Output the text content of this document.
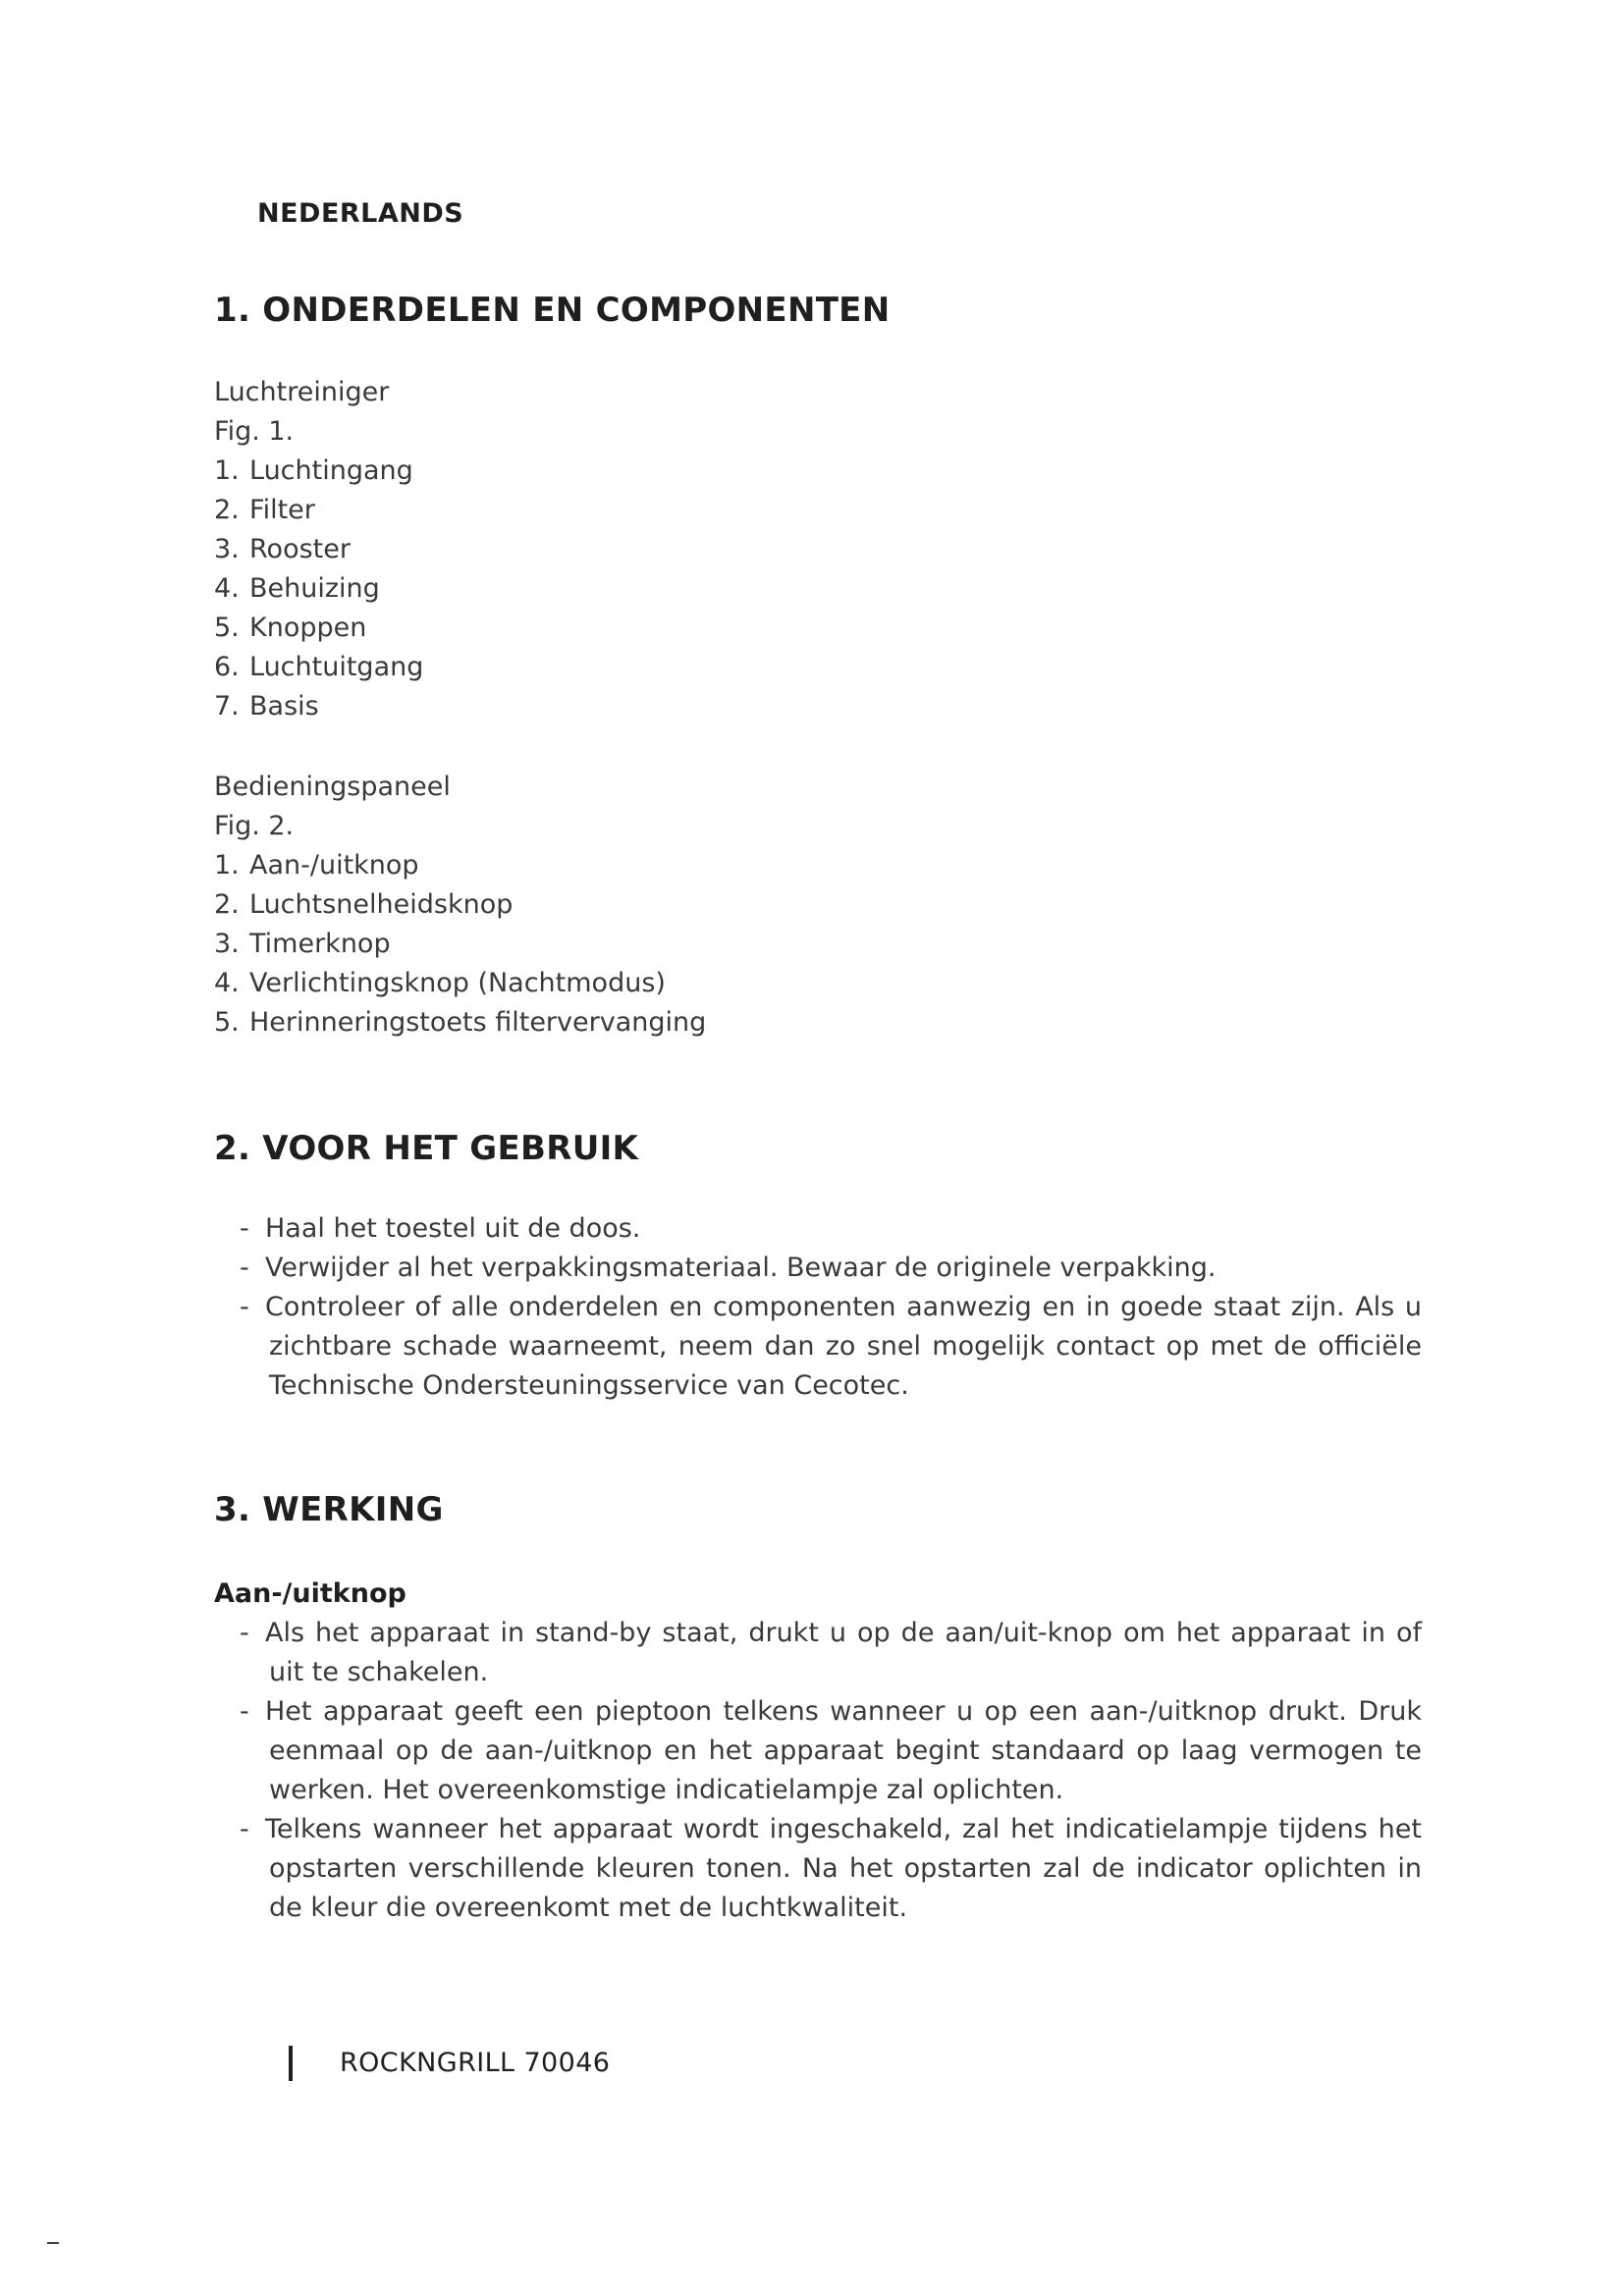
NEDERLANDS
1. ONDERDELEN EN COMPONENTEN

Luchtreiniger

Fig. 1.

1. Luchtingang
2. Filter
3. Rooster
4. Behuizing
5. Knoppen
6. Luchtuitgang
7. Basis

Bedieningspaneel

Fig. 2.

1. Aan-/uitknop
2. Luchtsnelheidsknop
3. Timerknop
4. Verlichtingsknop (Nachtmodus)
5. Herinneringstoets filtervervanging
2. VOOR HET GEBRUIK
- Haal het toestel uit de doos.
- Verwijder al het verpakkingsmateriaal. Bewaar de originele verpakking.
- Controleer of alle onderdelen en componenten aanwezig en in goede staat zijn. Als u zichtbare schade waarneemt, neem dan zo snel mogelijk contact op met de officiële Technische Ondersteuningsservice van Cecotec.
3. WERKING

Aan-/uitknop

- Als het apparaat in stand-by staat, drukt u op de aan/uit-knop om het apparaat in of uit te schakelen.
- Het apparaat geeft een pieptoon telkens wanneer u op een aan-/uitknop drukt. Druk eenmaal op de aan-/uitknop en het apparaat begint standaard op laag vermogen te werken. Het overeenkomstige indicatielampje zal oplichten.
- Telkens wanneer het apparaat wordt ingeschakeld, zal het indicatielampje tijdens het opstarten verschillende kleuren tonen. Na het opstarten zal de indicator oplichten in de kleur die overeenkomt met de luchtkwaliteit.
ROCKNGRILL 70046
